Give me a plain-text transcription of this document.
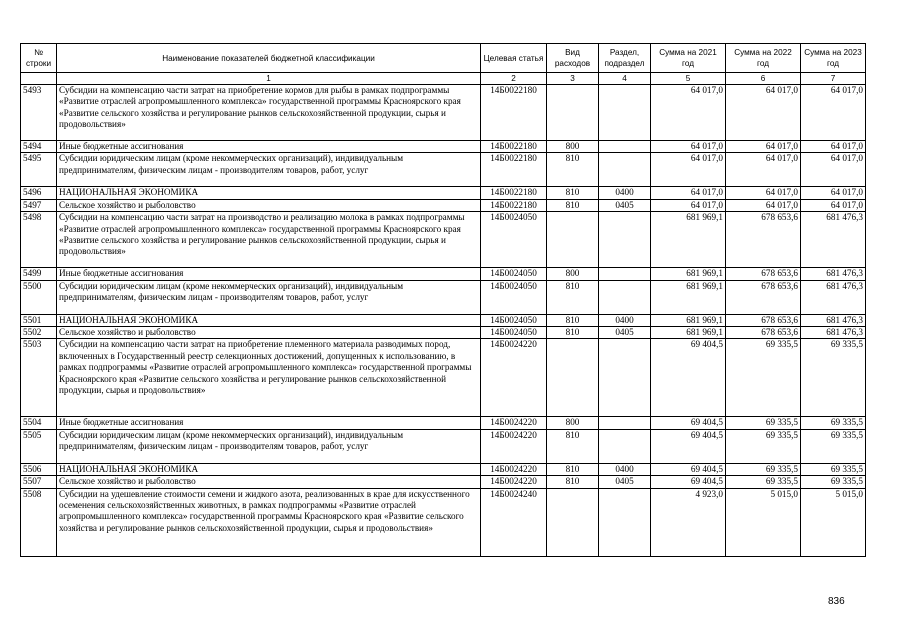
№ строки	Наименование показателей бюджетной классификации	Целевая статья	Вид расходов	Раздел, подраздел	Сумма на 2021 год	Сумма на 2022 год	Сумма на 2023 год
	1	2	3	4	5	6	7
5493	Субсидии на компенсацию части затрат на приобретение кормов для рыбы в рамках подпрограммы «Развитие отраслей агропромышленного комплекса» государственной программы Красноярского края «Развитие сельского хозяйства и регулирование рынков сельскохозяйственной продукции, сырья и продовольствия»	14Б0022180			64 017,0	64 017,0	64 017,0
5494	Иные бюджетные ассигнования	14Б0022180	800		64 017,0	64 017,0	64 017,0
5495	Субсидии юридическим лицам (кроме некоммерческих организаций), индивидуальным предпринимателям, физическим лицам - производителям товаров, работ, услуг	14Б0022180	810		64 017,0	64 017,0	64 017,0
5496	НАЦИОНАЛЬНАЯ ЭКОНОМИКА	14Б0022180	810	0400	64 017,0	64 017,0	64 017,0
5497	Сельское хозяйство и рыболовство	14Б0022180	810	0405	64 017,0	64 017,0	64 017,0
5498	Субсидии на компенсацию части затрат на производство и реализацию молока в рамках подпрограммы «Развитие отраслей агропромышленного комплекса» государственной программы Красноярского края «Развитие сельского хозяйства и регулирование рынков сельскохозяйственной продукции, сырья и продовольствия»	14Б0024050			681 969,1	678 653,6	681 476,3
5499	Иные бюджетные ассигнования	14Б0024050	800		681 969,1	678 653,6	681 476,3
5500	Субсидии юридическим лицам (кроме некоммерческих организаций), индивидуальным предпринимателям, физическим лицам - производителям товаров, работ, услуг	14Б0024050	810		681 969,1	678 653,6	681 476,3
5501	НАЦИОНАЛЬНАЯ ЭКОНОМИКА	14Б0024050	810	0400	681 969,1	678 653,6	681 476,3
5502	Сельское хозяйство и рыболовство	14Б0024050	810	0405	681 969,1	678 653,6	681 476,3
5503	Субсидии на компенсацию части затрат на приобретение племенного материала разводимых пород, включенных в Государственный реестр селекционных достижений, допущенных к использованию, в рамках подпрограммы «Развитие отраслей агропромышленного комплекса» государственной программы Красноярского края «Развитие сельского хозяйства и регулирование рынков сельскохозяйственной продукции, сырья и продовольствия»	14Б0024220			69 404,5	69 335,5	69 335,5
5504	Иные бюджетные ассигнования	14Б0024220	800		69 404,5	69 335,5	69 335,5
5505	Субсидии юридическим лицам (кроме некоммерческих организаций), индивидуальным предпринимателям, физическим лицам - производителям товаров, работ, услуг	14Б0024220	810		69 404,5	69 335,5	69 335,5
5506	НАЦИОНАЛЬНАЯ ЭКОНОМИКА	14Б0024220	810	0400	69 404,5	69 335,5	69 335,5
5507	Сельское хозяйство и рыболовство	14Б0024220	810	0405	69 404,5	69 335,5	69 335,5
5508	Субсидии на удешевление стоимости семени и жидкого азота, реализованных в крае для искусственного осеменения сельскохозяйственных животных, в рамках подпрограммы «Развитие отраслей агропромышленного комплекса» государственной программы Красноярского края «Развитие сельского хозяйства и регулирование рынков сельскохозяйственной продукции, сырья и продовольствия»	14Б0024240			4 923,0	5 015,0	5 015,0
836
